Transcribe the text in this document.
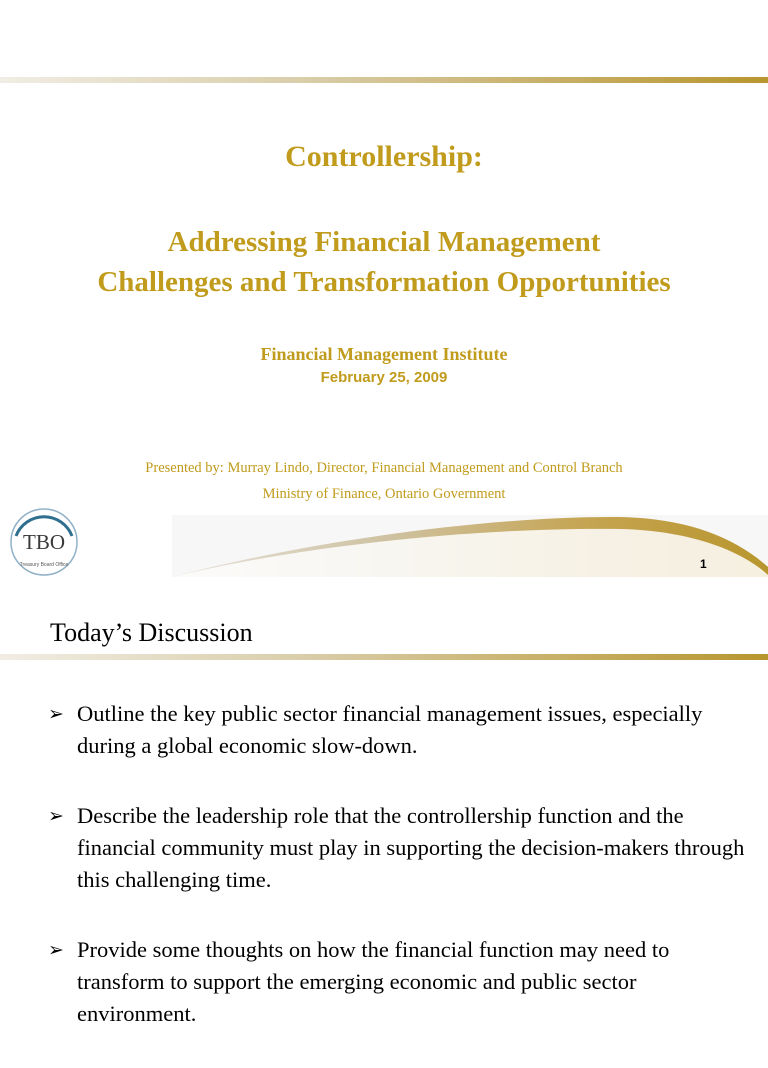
Controllership:
Addressing Financial Management
Challenges and Transformation Opportunities
Financial Management Institute
February 25, 2009
Presented by: Murray Lindo, Director, Financial Management and Control Branch
Ministry of Finance, Ontario Government
TBO
Treasury Board Office	1
Today’s Discussion
➢ Outline the key public sector financial management issues, especially during a global economic slow-down.
➢ Describe the leadership role that the controllership function and the financial community must play in supporting the decision-makers through this challenging time.
➢ Provide some thoughts on how the financial function may need to transform to support the emerging economic and public sector environment.
